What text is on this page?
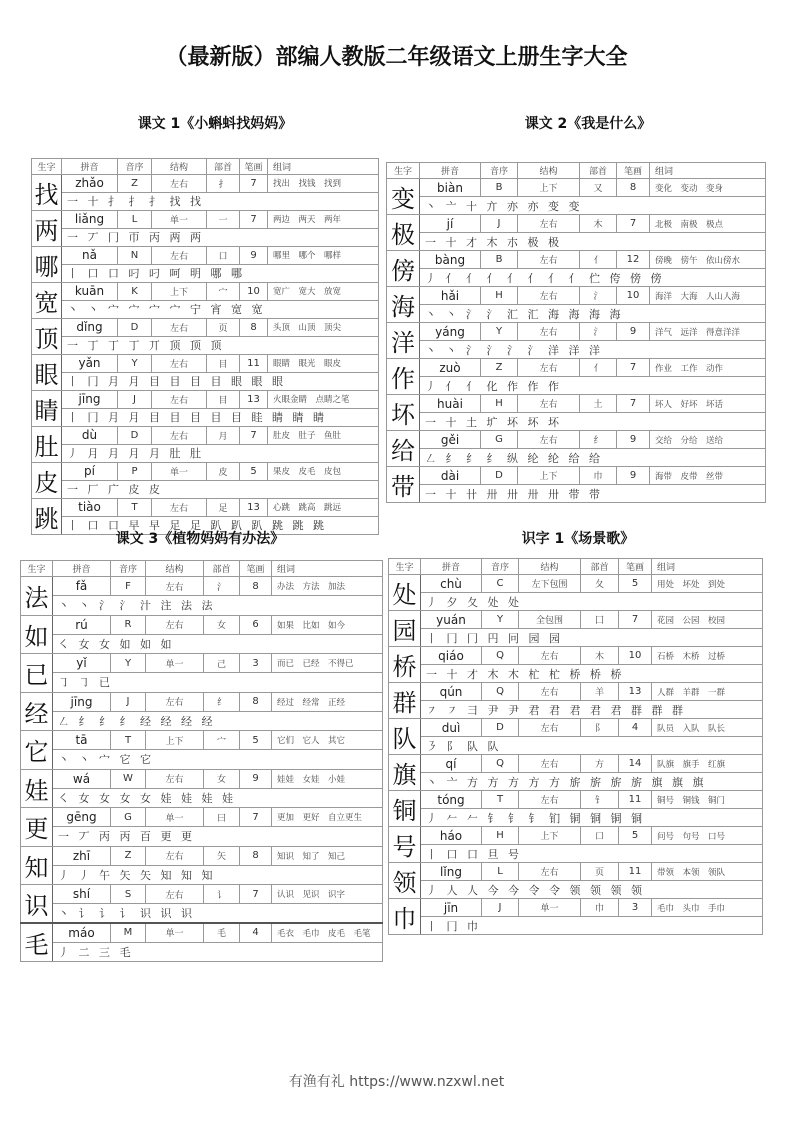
（最新版）部编人教版二年级语文上册生字大全
课文 1《小蝌蚪找妈妈》
生字	拼音	音序	结构	部首	笔画	组词
找	zhǎo	Z	左右	扌	7	找出　找钱　找到
	一 十 扌 扌 扌 找 找					
两	liǎng	L	单一	一	7	两边　两天　两年
	一 丆 冂 帀 丙 两 两					
哪	nǎ	N	左右	口	9	哪里　哪个　哪样
	丨 口 口 叼 叼 呵 明 哪 哪					
宽	kuān	K	上下	宀	10	宽广　宽大　放宽
	丶 丶 宀 宀 宀 宀 宁 宵 宽 宽					
顶	dǐng	D	左右	页	8	头顶　山顶　顶尖
	一 丁 丁 丁 丌 顶 顶 顶					
眼	yǎn	Y	左右	目	11	眼睛　眼光　眼皮
	丨 冂 月 月 目 目 目 目 眼 眼 眼					
睛	jīng	J	左右	目	13	火眼金睛　点睛之笔
	丨 冂 月 月 目 目 目 目 目 眭 睛 睛 睛					
肚	dù	D	左右	月	7	肚皮　肚子　鱼肚
	丿 月 月 月 月 肚 肚					
皮	pí	P	单一	皮	5	果皮　皮毛　皮包
	一 厂 广 皮 皮					
跳	tiào	T	左右	足	13	心跳　跳高　跳远
	丨 口 口 早 早 足 足 趴 趴 趴 跳 跳 跳					
课文 2《我是什么》
生字	拼音	音序	结构	部首	笔画	组词
变	biàn	B	上下	又	8	变化　变动　变身
	丶 亠 十 亣 亦 亦 变 变					
极	jí	J	左右	木	7	北极　南极　极点
	一 十 才 木 朩 极 极					
傍	bàng	B	左右	亻	12	傍晚　傍午　依山傍水
	丿 亻 亻 亻 亻 亻 亻 亻 伫 侉 傍 傍					
海	hǎi	H	左右	氵	10	海洋　大海　人山人海
	丶 丶 氵 氵 汇 汇 海 海 海 海					
洋	yáng	Y	左右	氵	9	洋气　远洋　得意洋洋
	丶 丶 氵 氵 氵 氵 洋 洋 洋					
作	zuò	Z	左右	亻	7	作业　工作　动作
	丿 亻 亻 化 作 作 作					
坏	huài	H	左右	土	7	坏人　好坏　坏话
	一 十 土 圹 坏 坏 坏					
给	gěi	G	左右	纟	9	交给　分给　送给
	㇜ 纟 纟 纟 纵 纶 纶 给 给					
带	dài	D	上下	巾	9	海带　皮带　丝带
	一 十 卄 卅 卅 卅 卅 带 带					
课文 3《植物妈妈有办法》
生字	拼音	音序	结构	部首	笔画	组词
法	fǎ	F	左右	氵	8	办法　方法　加法
	丶 丶 氵 氵 汁 注 法 法					
如	rú	R	左右	女	6	如果　比如　如今
	㇛ 女 女 如 如 如					
已	yǐ	Y	单一	己	3	而已　已经　不得已
	㇆ ㇆ 已					
经	jīng	J	左右	纟	8	经过　经常　正经
	㇜ 纟 纟 纟 经 经 经 经					
它	tā	T	上下	宀	5	它们　它人　其它
	丶 丶 宀 它 它					
娃	wá	W	左右	女	9	娃娃　女娃　小娃
	㇛ 女 女 女 女 娃 娃 娃 娃					
更	gēng	G	单一	曰	7	更加　更好　自立更生
	一 丆 丙 丙 百 更 更					
知	zhī	Z	左右	矢	8	知识　知了　知己
	丿 丿 午 矢 矢 知 知 知					
识	shí	S	左右	讠	7	认识　见识　识字
	丶 讠 讠 讠 识 识 识					
毛	máo	M	单一	毛	4	毛衣　毛巾　皮毛　毛笔
	丿 二 三 毛					
识字 1《场景歌》
生字	拼音	音序	结构	部首	笔画	组词
处	chù	C	左下包围	夂	5	用处　坏处　到处
	丿 夕 夂 处 处					
园	yuán	Y	全包围	囗	7	花园　公园　校园
	丨 冂 冂 円 冋 园 园					
桥	qiáo	Q	左右	木	10	石桥　木桥　过桥
	一 十 才 木 木 杧 杧 桥 桥 桥					
群	qún	Q	左右	羊	13	人群　羊群　一群
	㇇ ㇇ 彐 尹 尹 君 君 君 君 君 群 群 群					
队	duì	D	左右	阝	4	队员　入队　队长
	㇋ 阝 队 队					
旗	qí	Q	左右	方	14	队旗　旗手　红旗
	丶 亠 方 方 方 方 方 旂 旂 旂 旂 旗 旗 旗					
铜	tóng	T	左右	钅	11	铜号　铜钱　铜门
	丿 𠂉 𠂉 钅 钅 钅 钔 铜 铜 铜 铜					
号	háo	H	上下	口	5	问号　句号　口号
	丨 口 口 旦 号					
领	lǐng	L	左右	页	11	带领　本领　领队
	丿 人 人 今 今 令 令 领 领 领 领					
巾	jīn	J	单一	巾	3	毛巾　头巾　手巾
	丨 冂 巾					
有渔有礼 https://www.nzxwl.net
